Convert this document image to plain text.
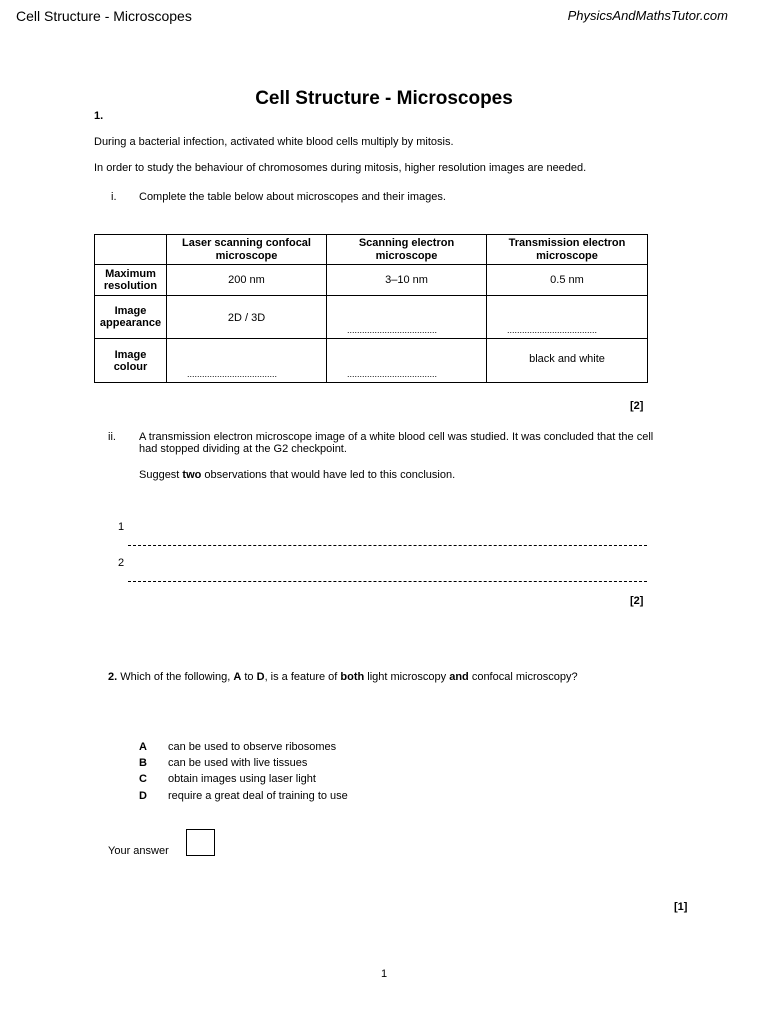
Cell Structure - Microscopes	PhysicsAndMathsTutor.com
Cell Structure - Microscopes
1.
During a bacterial infection, activated white blood cells multiply by mitosis.
In order to study the behaviour of chromosomes during mitosis, higher resolution images are needed.
i. Complete the table below about microscopes and their images.
	Laser scanning confocal microscope	Scanning electron microscope	Transmission electron microscope
Maximum resolution	200 nm	3–10 nm	0.5 nm
Image appearance	2D / 3D	....................................	....................................

Image colour	....................................	....................................	black and white
[2]
ii. A transmission electron microscope image of a white blood cell was studied. It was concluded that the cell had stopped dividing at the G2 checkpoint.
Suggest two observations that would have led to this conclusion.
1
2
[2]
2. Which of the following, A to D, is a feature of both light microscopy and confocal microscopy?
A can be used to observe ribosomes
B can be used with live tissues
C obtain images using laser light
D require a great deal of training to use
Your answer
[1]
1
